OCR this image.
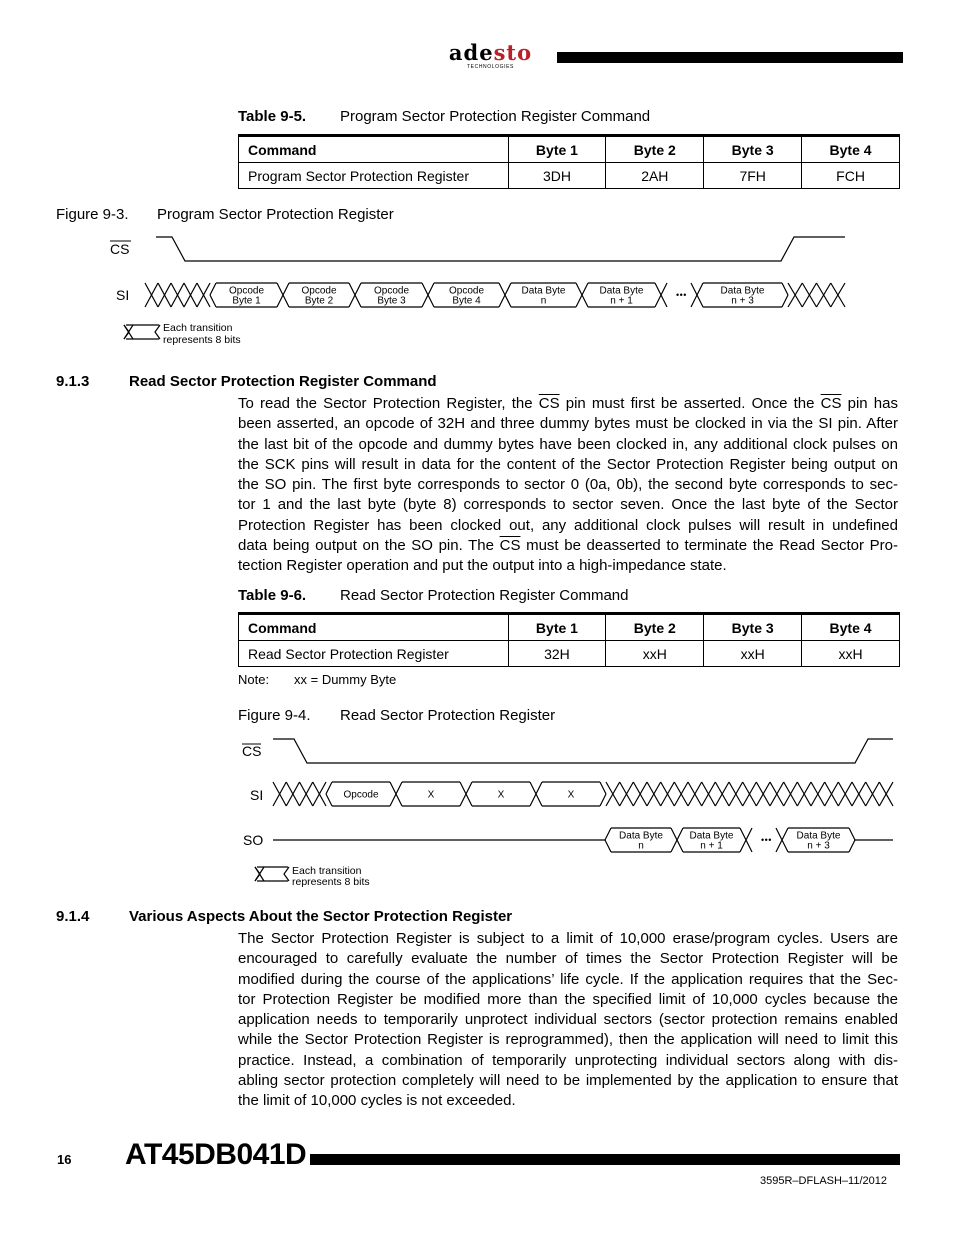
adesto
TECHNOLOGIES
Table 9-5. Program Sector Protection Register Command
Command	Byte 1	Byte 2	Byte 3	Byte 4
Program Sector Protection Register	3DH	2AH	7FH	FCH
Figure 9-3. Program Sector Protection Register
CS
SI	Opcode
Byte 1
Opcode
Byte 2
Opcode
Byte 3
Opcode
Byte 4
Data Byte
n
Data Byte
n + 1
Data Byte
n + 3
• • •
Each transition
represents 8 bits
9.1.3	Read Sector Protection Register Command
To read the Sector Protection Register, the $\overline{CS}$ pin must first be asserted. Once the $\overline{CS}$ pin has
been asserted, an opcode of 32H and three dummy bytes must be clocked in via the SI pin. After
the last bit of the opcode and dummy bytes have been clocked in, any additional clock pulses on
the SCK pins will result in data for the content of the Sector Protection Register being output on
the SO pin. The first byte corresponds to sector 0 (0a, 0b), the second byte corresponds to sec-
tor 1 and the last byte (byte 8) corresponds to sector seven. Once the last byte of the Sector
Protection Register has been clocked out, any additional clock pulses will result in undefined
data being output on the SO pin. The $\overline{CS}$ must be deasserted to terminate the Read Sector Pro-
tection Register operation and put the output into a high-impedance state.
Table 9-6. Read Sector Protection Register Command
Command	Byte 1	Byte 2	Byte 3	Byte 4
Read Sector Protection Register	32H	xxH	xxH	xxH
Note: xx = Dummy Byte
Figure 9-4. Read Sector Protection Register
CS
SI	Opcode	X	X	X
SO	Data Byte
n
Data Byte
n + 1
Data Byte
n + 3
• • •
Each transition
represents 8 bits
9.1.4	Various Aspects About the Sector Protection Register
The Sector Protection Register is subject to a limit of 10,000 erase/program cycles. Users are
encouraged to carefully evaluate the number of times the Sector Protection Register will be
modified during the course of the applications’ life cycle. If the application requires that the Sec-
tor Protection Register be modified more than the specified limit of 10,000 cycles because the
application needs to temporarily unprotect individual sectors (sector protection remains enabled
while the Sector Protection Register is reprogrammed), then the application will need to limit this
practice. Instead, a combination of temporarily unprotecting individual sectors along with dis-
abling sector protection completely will need to be implemented by the application to ensure that
the limit of 10,000 cycles is not exceeded.
16 AT45DB041D
3595R–DFLASH–11/2012
